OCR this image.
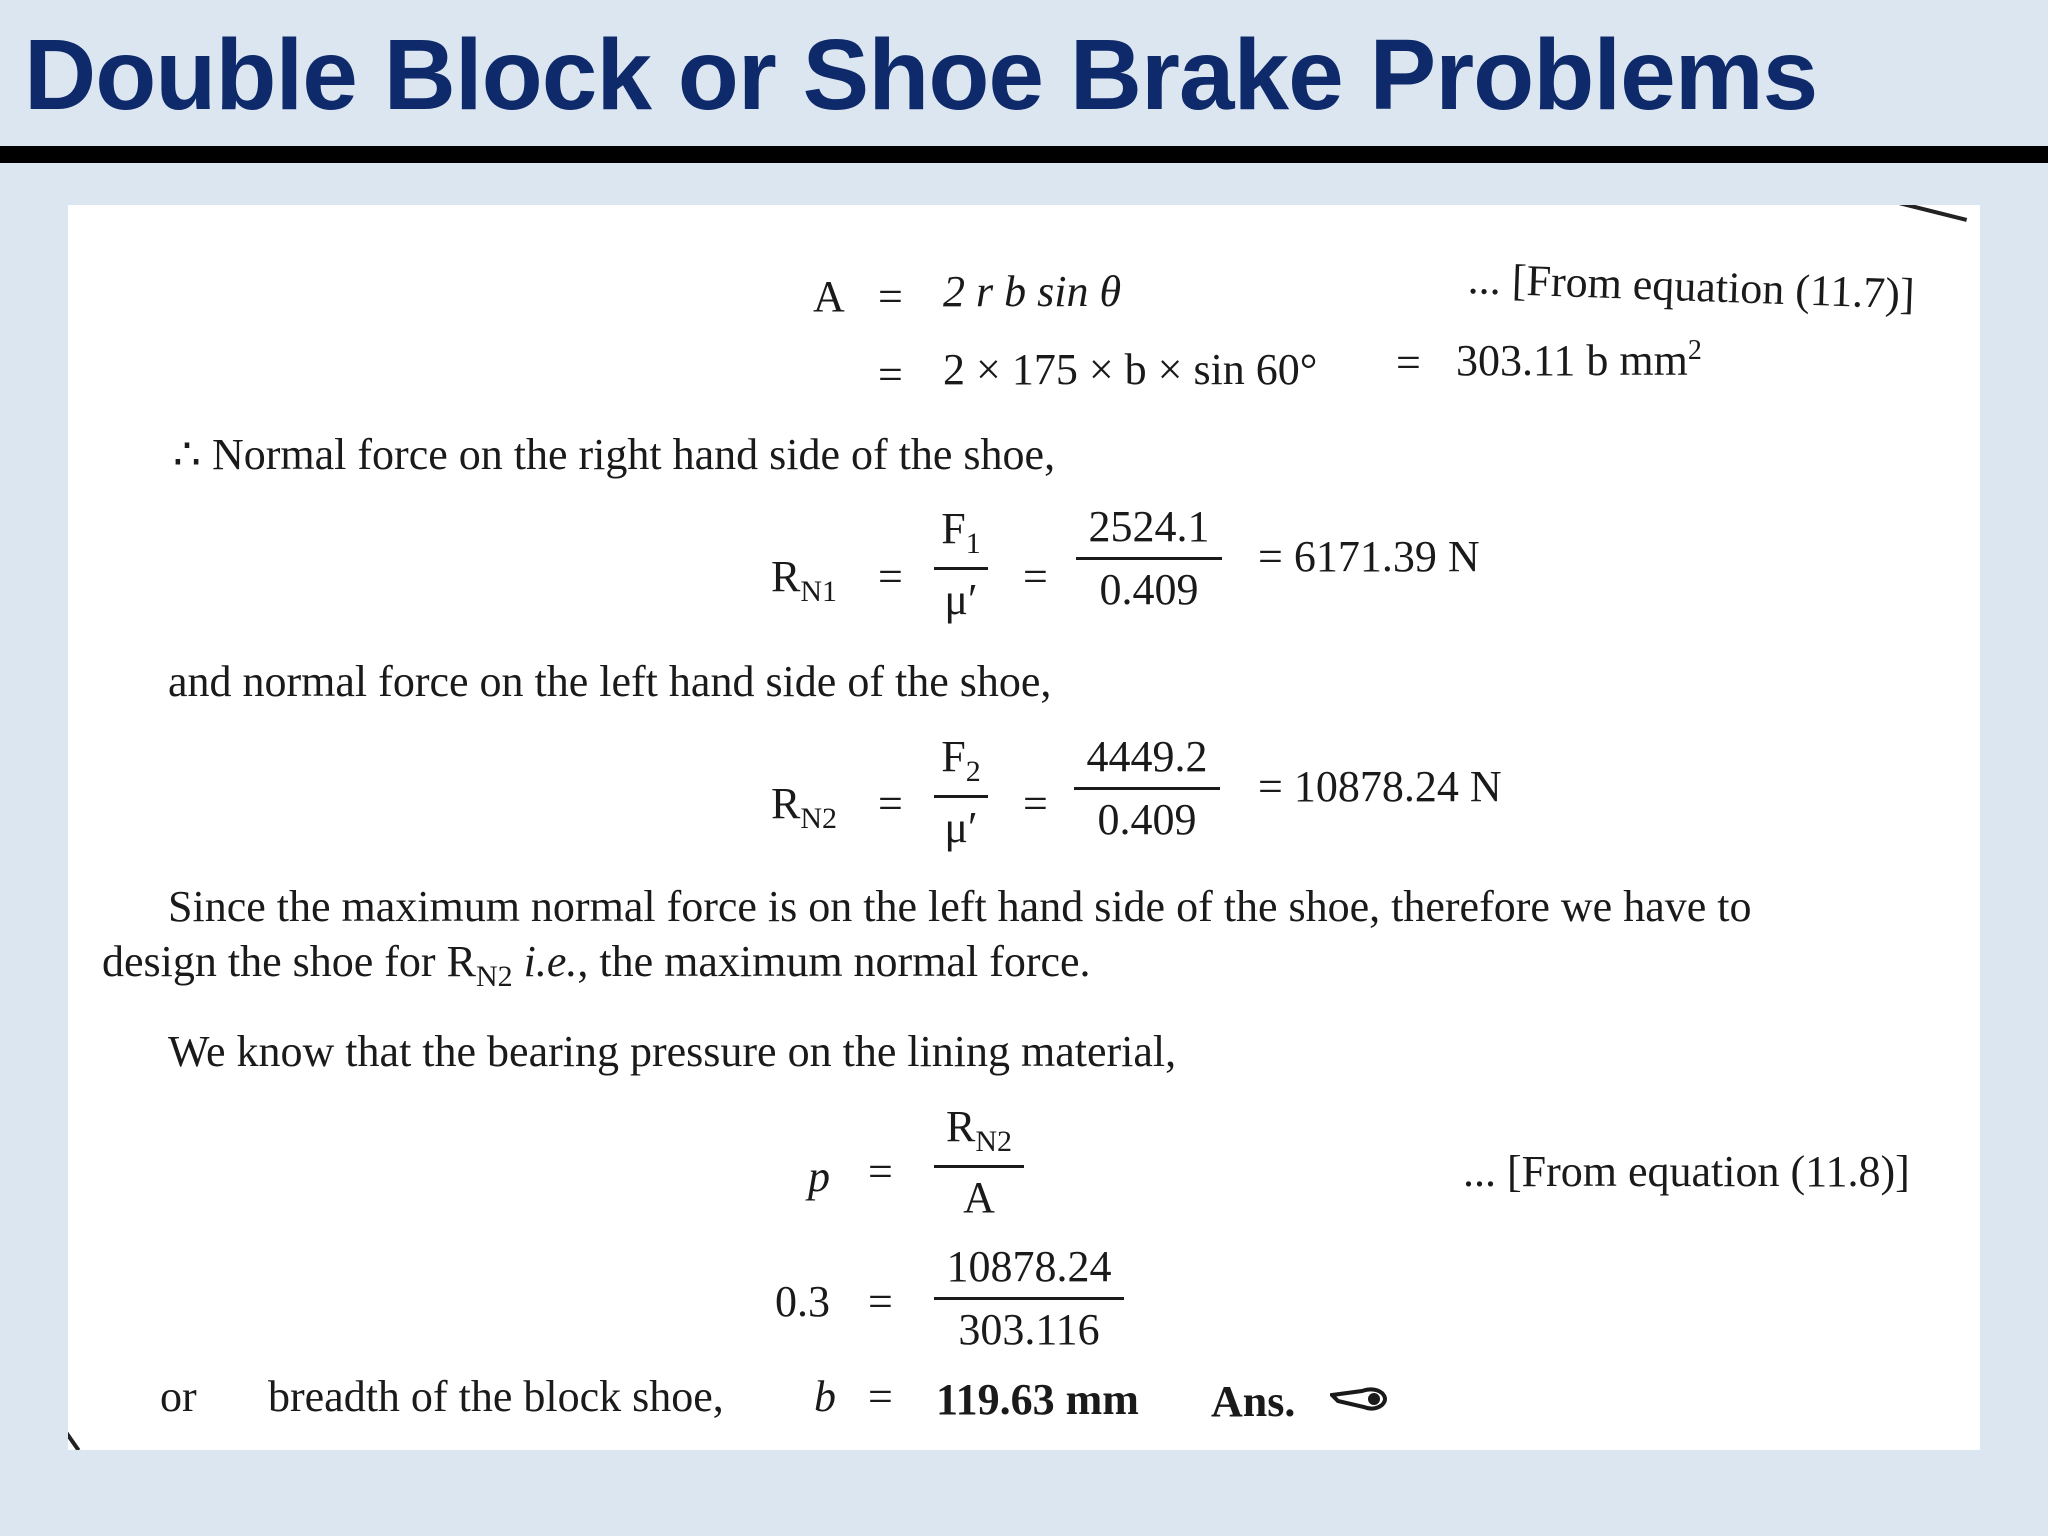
Double Block or Shoe Brake Problems
A = 2 r b sin θ	... [From equation (11.7)]
= 2 × 175 × b × sin 60° = 303.11 b $mm^2$
∴ Normal force on the right hand side of the shoe,
$R_{N1} = \frac{F_1}{\mu'} = \frac{2524.1}{0.409} = 6171.39$ N
and normal force on the left hand side of the shoe,
$R_{N2} = \frac{F_2}{\mu'} = \frac{4449.2}{0.409} = 10878.24$ N
Since the maximum normal force is on the left hand side of the shoe, therefore we have to
design the shoe for $R_{N2}$ i.e., the maximum normal force.
We know that the bearing pressure on the lining material,
$p = \frac{R_{N2}}{A}$	... [From equation (11.8)]
$0.3 = \frac{10878.24}{303.116}$
or breadth of the block shoe, b = 119.63 mm Ans.
